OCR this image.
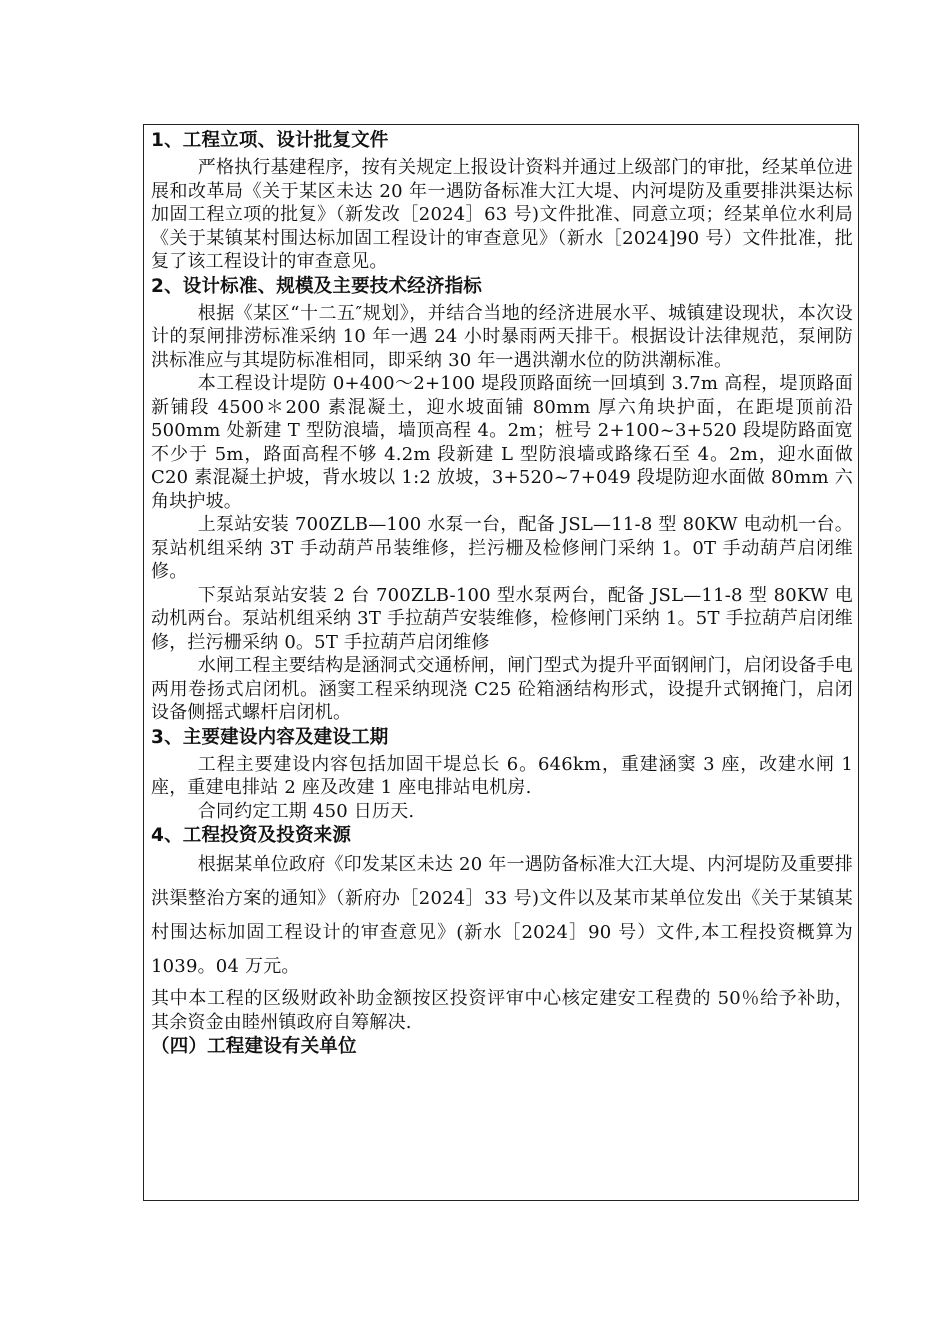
1、工程立项、设计批复文件

严格执行基建程序，按有关规定上报设计资料并通过上级部门的审批，经某单位进展和改革局《关于某区未达 20 年一遇防备标准大江大堤、内河堤防及重要排洪渠达标加固工程立项的批复》（新发改［2024］63 号)文件批准、同意立项；经某单位水利局《关于某镇某村围达标加固工程设计的审查意见》（新水［2024]90 号）文件批准，批复了该工程设计的审查意见。

2、设计标准、规模及主要技术经济指标

根据《某区“十二五″规划》，并结合当地的经济进展水平、城镇建设现状，本次设计的泵闸排涝标准采纳 10 年一遇 24 小时暴雨两天排干。根据设计法律规范，泵闸防洪标准应与其堤防标准相同，即采纳 30 年一遇洪潮水位的防洪潮标准。

本工程设计堤防 0+400～2+100 堤段顶路面统一回填到 3.7m 高程，堤顶路面新铺段 4500＊200 素混凝土，迎水坡面铺 80mm 厚六角块护面，在距堤顶前沿 500mm 处新建 T 型防浪墙，墙顶高程 4。2m；桩号 2+100~3+520 段堤防路面宽不少于 5m，路面高程不够 4.2m 段新建 L 型防浪墙或路缘石至 4。2m，迎水面做 C20 素混凝土护坡，背水坡以 1:2 放坡，3+520~7+049 段堤防迎水面做 80mm 六角块护坡。

上泵站安装 700ZLB—100 水泵一台，配备 JSL—11-8 型 80KW 电动机一台。泵站机组采纳 3T 手动葫芦吊装维修，拦污栅及检修闸门采纳 1。0T 手动葫芦启闭维修。

下泵站泵站安装 2 台 700ZLB-100 型水泵两台，配备 JSL—11-8 型 80KW 电动机两台。泵站机组采纳 3T 手拉葫芦安装维修，检修闸门采纳 1。5T 手拉葫芦启闭维修，拦污栅采纳 0。5T 手拉葫芦启闭维修

水闸工程主要结构是涵洞式交通桥闸，闸门型式为提升平面钢闸门，启闭设备手电两用卷扬式启闭机。涵窦工程采纳现浇 C25 砼箱涵结构形式，设提升式钢掩门，启闭设备侧摇式螺杆启闭机。

3、主要建设内容及建设工期

工程主要建设内容包括加固干堤总长 6。646km，重建涵窦 3 座，改建水闸 1 座，重建电排站 2 座及改建 1 座电排站电机房.

合同约定工期 450 日历天.

4、工程投资及投资来源

根据某单位政府《印发某区未达 20 年一遇防备标准大江大堤、内河堤防及重要排洪渠整治方案的通知》（新府办［2024］33 号)文件以及某市某单位发出《关于某镇某村围达标加固工程设计的审查意见》(新水［2024］90 号）文件,本工程投资概算为 1039。04 万元。

其中本工程的区级财政补助金额按区投资评审中心核定建安工程费的 50％给予补助，其余资金由睦州镇政府自筹解决.

（四）工程建设有关单位
